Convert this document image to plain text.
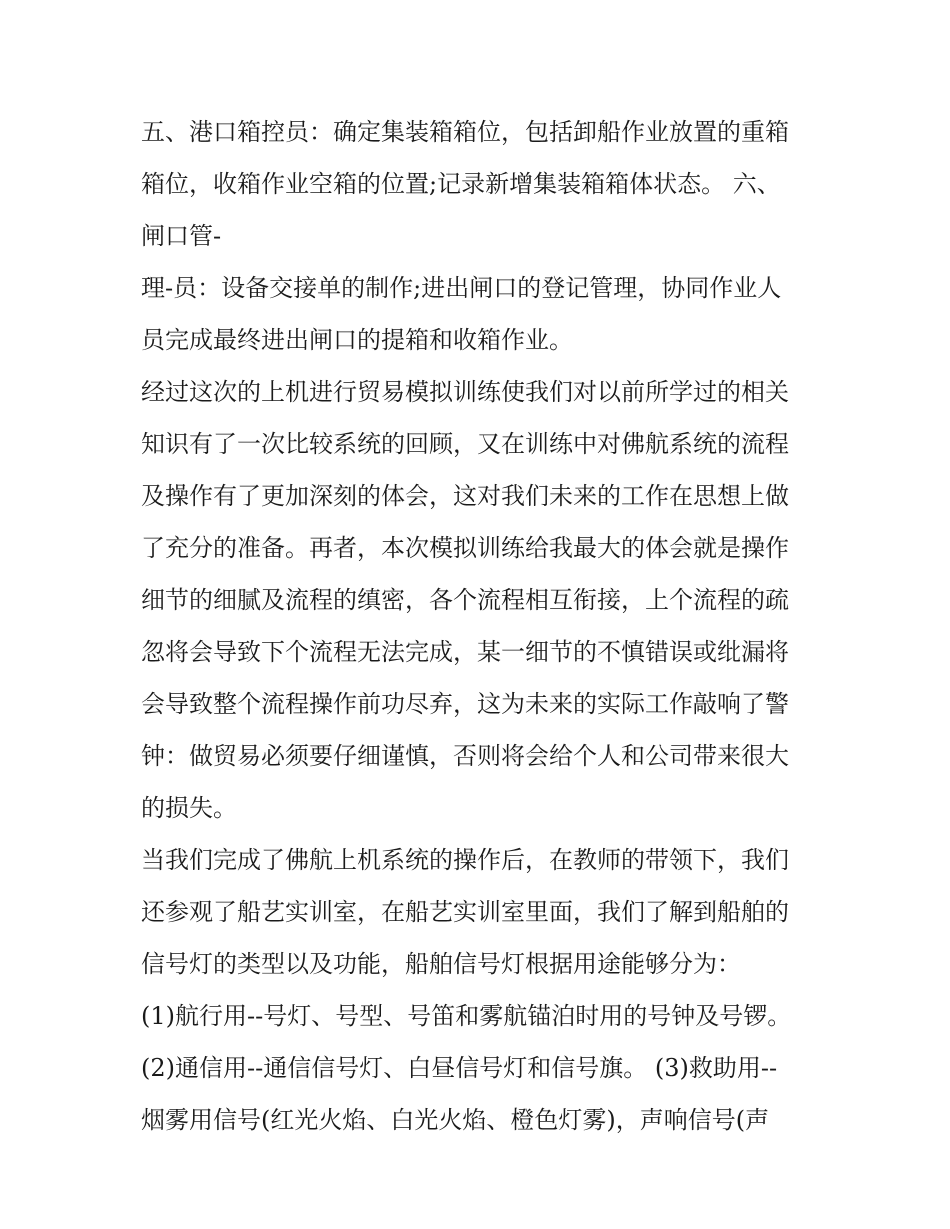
五、港口箱控员：确定集装箱箱位，包括卸船作业放置的重箱
箱位，收箱作业空箱的位置;记录新增集装箱箱体状态。 六、
闸口管-

理-员：设备交接单的制作;进出闸口的登记管理，协同作业人
员完成最终进出闸口的提箱和收箱作业。

经过这次的上机进行贸易模拟训练使我们对以前所学过的相关
知识有了一次比较系统的回顾，又在训练中对佛航系统的流程
及操作有了更加深刻的体会，这对我们未来的工作在思想上做
了充分的准备。再者，本次模拟训练给我最大的体会就是操作
细节的细腻及流程的缜密，各个流程相互衔接，上个流程的疏
忽将会导致下个流程无法完成，某一细节的不慎错误或纰漏将
会导致整个流程操作前功尽弃，这为未来的实际工作敲响了警
钟：做贸易必须要仔细谨慎，否则将会给个人和公司带来很大
的损失。

当我们完成了佛航上机系统的操作后，在教师的带领下，我们
还参观了船艺实训室，在船艺实训室里面，我们了解到船舶的
信号灯的类型以及功能，船舶信号灯根据用途能够分为：

(1)航行用--号灯、号型、号笛和雾航锚泊时用的号钟及号锣。

(2)通信用--通信信号灯、白昼信号灯和信号旗。 (3)救助用--
烟雾用信号(红光火焰、白光火焰、橙色灯雾)，声响信号(声
